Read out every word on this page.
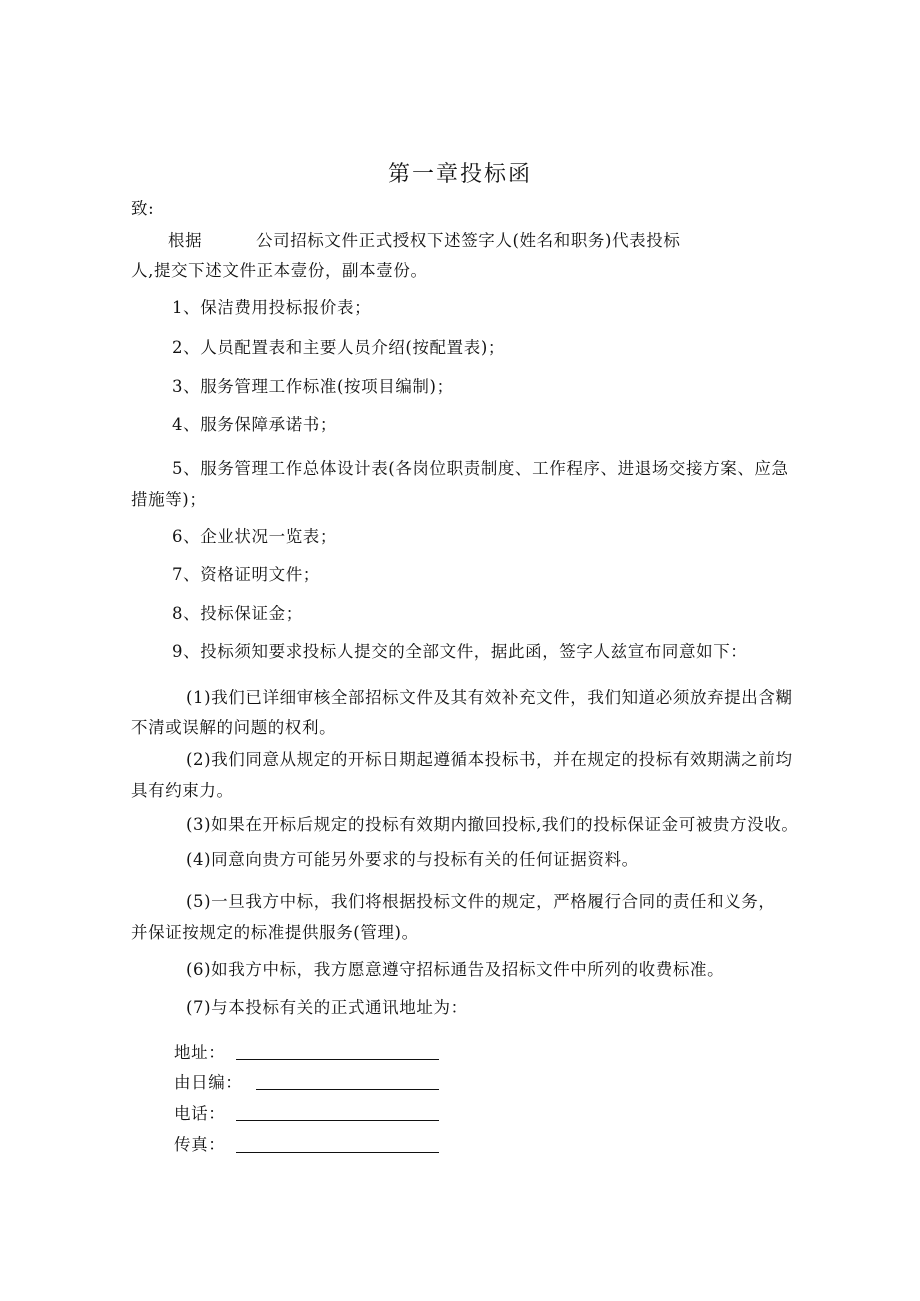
第一章投标函
致:
根据	公司招标文件正式授权下述签字人(姓名和职务)代表投标
人,提交下述文件正本壹份，副本壹份。
1、保洁费用投标报价表；
2、人员配置表和主要人员介绍(按配置表)；
3、服务管理工作标准(按项目编制)；
4、服务保障承诺书；
5、服务管理工作总体设计表(各岗位职责制度、工作程序、进退场交接方案、应急
措施等)；
6、企业状况一览表；
7、资格证明文件；
8、投标保证金；
9、投标须知要求投标人提交的全部文件，据此函，签字人兹宣布同意如下：
(1)我们已详细审核全部招标文件及其有效补充文件，我们知道必须放弃提出含糊
不清或误解的问题的权利。
(2)我们同意从规定的开标日期起遵循本投标书，并在规定的投标有效期满之前均
具有约束力。
(3)如果在开标后规定的投标有效期内撤回投标,我们的投标保证金可被贵方没收。
(4)同意向贵方可能另外要求的与投标有关的任何证据资料。
(5)一旦我方中标，我们将根据投标文件的规定，严格履行合同的责任和义务，
并保证按规定的标准提供服务(管理)。
(6)如我方中标，我方愿意遵守招标通告及招标文件中所列的收费标准。
(7)与本投标有关的正式通讯地址为：
地址：
由日编：
电话：
传真：
